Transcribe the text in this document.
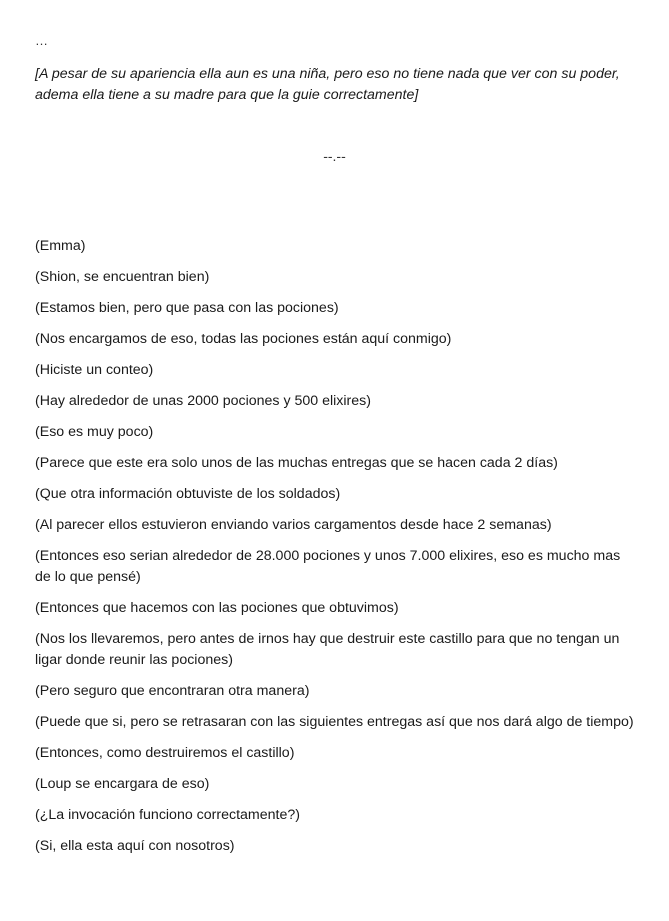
…
[A pesar de su apariencia ella aun es una niña, pero eso no tiene nada que ver con su poder, adema ella tiene a su madre para que la guie correctamente]
--.--
(Emma)
(Shion, se encuentran bien)
(Estamos bien, pero que pasa con las pociones)
(Nos encargamos de eso, todas las pociones están aquí conmigo)
(Hiciste un conteo)
(Hay alrededor de unas 2000 pociones y 500 elixires)
(Eso es muy poco)
(Parece que este era solo unos de las muchas entregas que se hacen cada 2 días)
(Que otra información obtuviste de los soldados)
(Al parecer ellos estuvieron enviando varios cargamentos desde hace 2 semanas)
(Entonces eso serian alrededor de 28.000 pociones y unos 7.000 elixires, eso es mucho mas de lo que pensé)
(Entonces que hacemos con las pociones que obtuvimos)
(Nos los llevaremos, pero antes de irnos hay que destruir este castillo para que no tengan un ligar donde reunir las pociones)
(Pero seguro que encontraran otra manera)
(Puede que si, pero se retrasaran con las siguientes entregas así que nos dará algo de tiempo)
(Entonces, como destruiremos el castillo)
(Loup se encargara de eso)
(¿La invocación funciono correctamente?)
(Si, ella esta aquí con nosotros)
